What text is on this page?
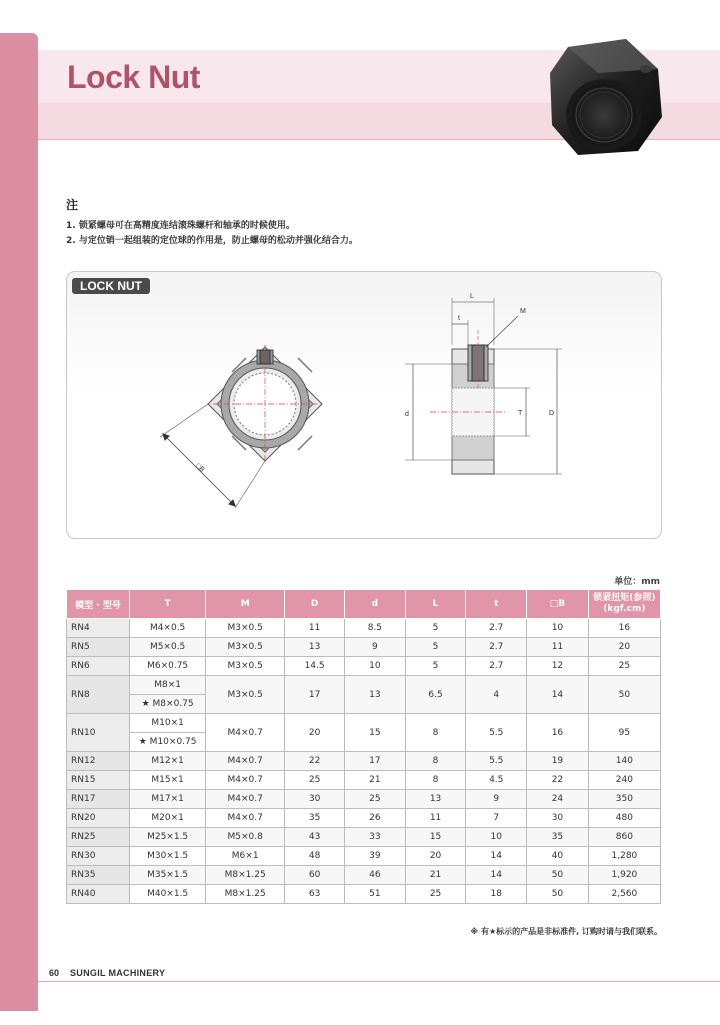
Lock Nut
注
1. 锁紧螺母可在高精度连结滚珠螺杆和轴承的时候使用。
2. 与定位销一起组装的定位球的作用是，防止螺母的松动并强化结合力。
LOCK NUT
□B
L
t
M
d	T	D
单位：mm
模型 · 型号	T	M	D	d	L	t	□B	锁紧扭矩(参照)
(kgf.cm)
RN4	M4×0.5	M3×0.5	11	8.5	5	2.7	10	16
RN5	M5×0.5	M3×0.5	13	9	5	2.7	11	20
RN6	M6×0.75	M3×0.5	14.5	10	5	2.7	12	25
RN8	M8×1	M3×0.5	17	13	6.5	4	14	50
	★ M8×0.75							
RN10	M10×1	M4×0.7	20	15	8	5.5	16	95
	★ M10×0.75							
RN12	M12×1	M4×0.7	22	17	8	5.5	19	140
RN15	M15×1	M4×0.7	25	21	8	4.5	22	240
RN17	M17×1	M4×0.7	30	25	13	9	24	350
RN20	M20×1	M4×0.7	35	26	11	7	30	480
RN25	M25×1.5	M5×0.8	43	33	15	10	35	860
RN30	M30×1.5	M6×1	48	39	20	14	40	1,280
RN35	M35×1.5	M8×1.25	60	46	21	14	50	1,920
RN40	M40×1.5	M8×1.25	63	51	25	18	50	2,560
※ 有★标示的产品是非标准件, 订购时请与我们联系。
60 SUNGIL MACHINERY
